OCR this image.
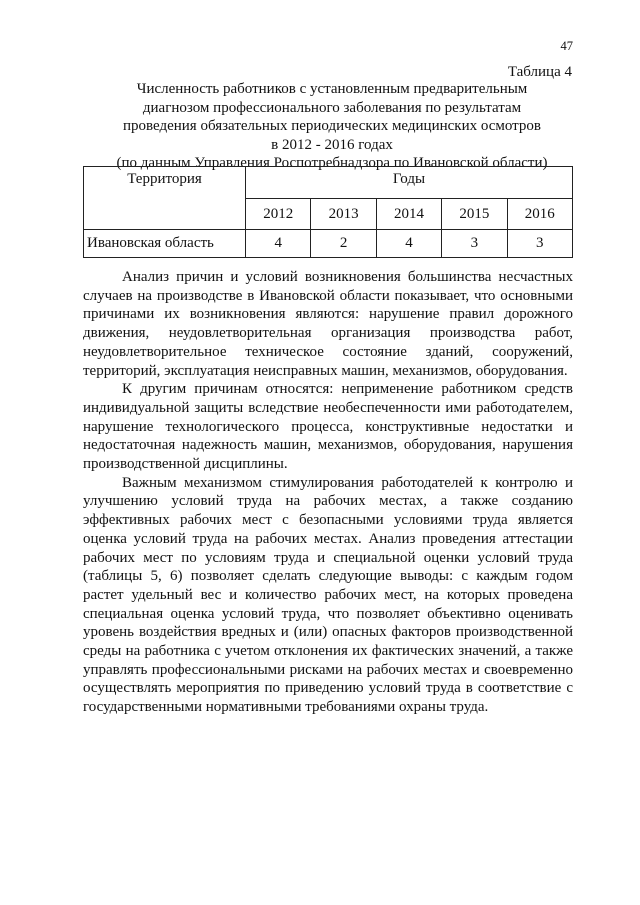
47
Таблица 4
Численность работников с установленным предварительным
диагнозом профессионального заболевания по результатам
проведения обязательных периодических медицинских осмотров
в 2012 - 2016 годах
(по данным Управления Роспотребнадзора по Ивановской области)
Территория	Годы				
	2012	2013	2014	2015	2016
Ивановская область	4	2	4	3	3

Анализ причин и условий возникновения большинства несчастных случаев на производстве в Ивановской области показывает, что основными причинами их возникновения являются: нарушение правил дорожного движения, неудовлетворительная организация производства работ, неудовлетворительное техническое состояние зданий, сооружений, территорий, эксплуатация неисправных машин, механизмов, оборудования.

К другим причинам относятся: неприменение работником средств индивидуальной защиты вследствие необеспеченности ими работодателем, нарушение технологического процесса, конструктивные недостатки и недостаточная надежность машин, механизмов, оборудования, нарушения производственной дисциплины.

Важным механизмом стимулирования работодателей к контролю и улучшению условий труда на рабочих местах, а также созданию эффективных рабочих мест с безопасными условиями труда является оценка условий труда на рабочих местах. Анализ проведения аттестации рабочих мест по условиям труда и специальной оценки условий труда (таблицы 5, 6) позволяет сделать следующие выводы: с каждым годом растет удельный вес и количество рабочих мест, на которых проведена специальная оценка условий труда, что позволяет объективно оценивать уровень воздействия вредных и (или) опасных факторов производственной среды на работника с учетом отклонения их фактических значений, а также управлять профессиональными рисками на рабочих местах и своевременно осуществлять мероприятия по приведению условий труда в соответствие с государственными нормативными требованиями охраны труда.
